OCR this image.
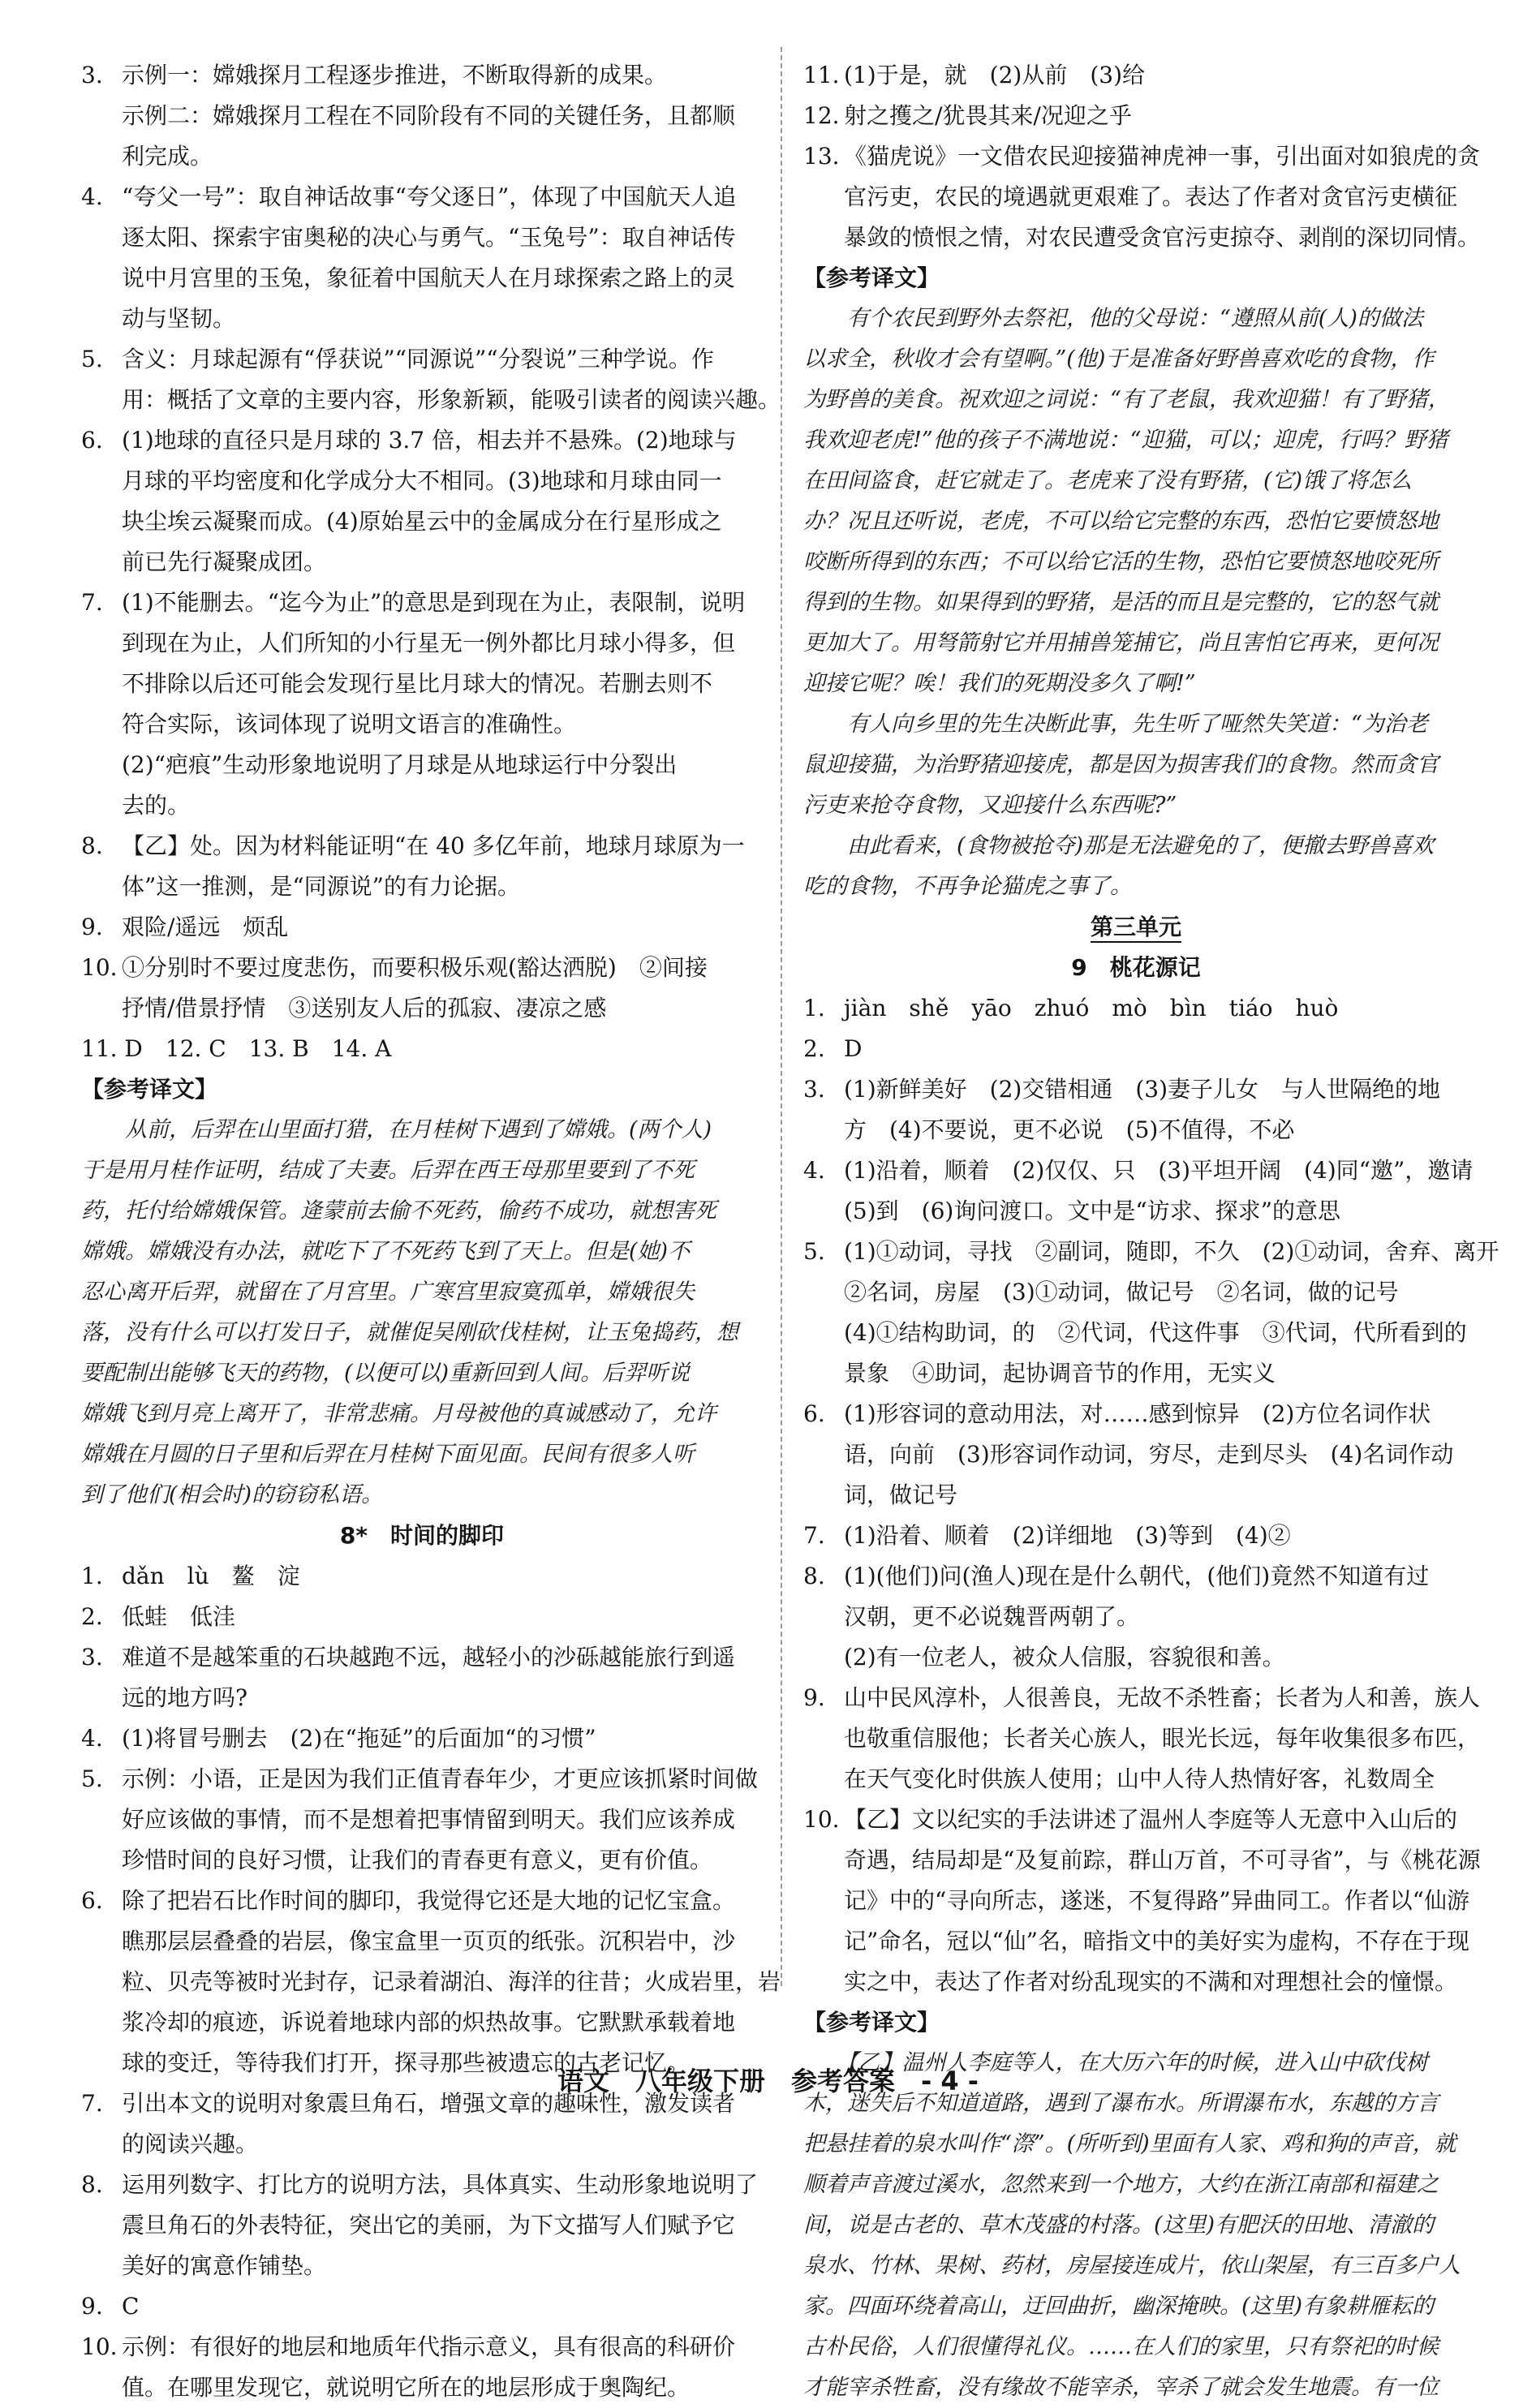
3. 示例一：嫦娥探月工程逐步推进，不断取得新的成果。
示例二：嫦娥探月工程在不同阶段有不同的关键任务，且都顺
利完成。
4. “夸父一号”：取自神话故事“夸父逐日”，体现了中国航天人追
逐太阳、探索宇宙奥秘的决心与勇气。“玉兔号”：取自神话传
说中月宫里的玉兔，象征着中国航天人在月球探索之路上的灵
动与坚韧。
5. 含义：月球起源有“俘获说”“同源说”“分裂说”三种学说。作
用：概括了文章的主要内容，形象新颖，能吸引读者的阅读兴趣。
6. (1)地球的直径只是月球的 3.7 倍，相去并不悬殊。(2)地球与
月球的平均密度和化学成分大不相同。(3)地球和月球由同一
块尘埃云凝聚而成。(4)原始星云中的金属成分在行星形成之
前已先行凝聚成团。
7. (1)不能删去。“迄今为止”的意思是到现在为止，表限制，说明
到现在为止，人们所知的小行星无一例外都比月球小得多，但
不排除以后还可能会发现行星比月球大的情况。若删去则不
符合实际，该词体现了说明文语言的准确性。
(2)“疤痕”生动形象地说明了月球是从地球运行中分裂出
去的。
8. 【乙】处。因为材料能证明“在 40 多亿年前，地球月球原为一
体”这一推测，是“同源说”的有力论据。
9. 艰险/遥远　烦乱
10. ①分别时不要过度悲伤，而要积极乐观(豁达洒脱)　②间接
抒情/借景抒情　③送别友人后的孤寂、凄凉之感
11. D　12. C　13. B　14. A
【参考译文】
　　从前，后羿在山里面打猎，在月桂树下遇到了嫦娥。(两个人)
于是用月桂作证明，结成了夫妻。后羿在西王母那里要到了不死
药，托付给嫦娥保管。逄蒙前去偷不死药，偷药不成功，就想害死
嫦娥。嫦娥没有办法，就吃下了不死药飞到了天上。但是(她)不
忍心离开后羿，就留在了月宫里。广寒宫里寂寞孤单，嫦娥很失
落，没有什么可以打发日子，就催促吴刚砍伐桂树，让玉兔捣药，想
要配制出能够飞天的药物，(以便可以)重新回到人间。后羿听说
嫦娥飞到月亮上离开了，非常悲痛。月母被他的真诚感动了，允许
嫦娥在月圆的日子里和后羿在月桂树下面见面。民间有很多人听
到了他们(相会时)的窃窃私语。
8*　时间的脚印
1. dǎn　lù　鳌　淀
2. 低蛙　低洼
3. 难道不是越笨重的石块越跑不远，越轻小的沙砾越能旅行到遥
远的地方吗?
4. (1)将冒号删去　(2)在“拖延”的后面加“的习惯”
5. 示例：小语，正是因为我们正值青春年少，才更应该抓紧时间做
好应该做的事情，而不是想着把事情留到明天。我们应该养成
珍惜时间的良好习惯，让我们的青春更有意义，更有价值。
6. 除了把岩石比作时间的脚印，我觉得它还是大地的记忆宝盒。
瞧那层层叠叠的岩层，像宝盒里一页页的纸张。沉积岩中，沙
粒、贝壳等被时光封存，记录着湖泊、海洋的往昔；火成岩里，岩
浆冷却的痕迹，诉说着地球内部的炽热故事。它默默承载着地
球的变迁，等待我们打开，探寻那些被遗忘的古老记忆。
7. 引出本文的说明对象震旦角石，增强文章的趣味性，激发读者
的阅读兴趣。
8. 运用列数字、打比方的说明方法，具体真实、生动形象地说明了
震旦角石的外表特征，突出它的美丽，为下文描写人们赋予它
美好的寓意作铺垫。
9. C
10. 示例：有很好的地层和地质年代指示意义，具有很高的科研价
值。在哪里发现它，就说明它所在的地层形成于奥陶纪。
11. (1)于是，就　(2)从前　(3)给
12. 射之擭之/犹畏其来/况迎之乎
13. 《猫虎说》一文借农民迎接猫神虎神一事，引出面对如狼虎的贪
官污吏，农民的境遇就更艰难了。表达了作者对贪官污吏横征
暴敛的愤恨之情，对农民遭受贪官污吏掠夺、剥削的深切同情。
【参考译文】
　　有个农民到野外去祭祀，他的父母说：“遵照从前(人)的做法
以求全，秋收才会有望啊。”(他)于是准备好野兽喜欢吃的食物，作
为野兽的美食。祝欢迎之词说：“有了老鼠，我欢迎猫！有了野猪，
我欢迎老虎!”他的孩子不满地说：“迎猫，可以；迎虎，行吗？野猪
在田间盗食，赶它就走了。老虎来了没有野猪，(它)饿了将怎么
办？况且还听说，老虎，不可以给它完整的东西，恐怕它要愤怒地
咬断所得到的东西；不可以给它活的生物，恐怕它要愤怒地咬死所
得到的生物。如果得到的野猪，是活的而且是完整的，它的怒气就
更加大了。用弩箭射它并用捕兽笼捕它，尚且害怕它再来，更何况
迎接它呢？唉！我们的死期没多久了啊!”
　　有人向乡里的先生决断此事，先生听了哑然失笑道：“为治老
鼠迎接猫，为治野猪迎接虎，都是因为损害我们的食物。然而贪官
污吏来抢夺食物，又迎接什么东西呢?”
　　由此看来，(食物被抢夺)那是无法避免的了，便撤去野兽喜欢
吃的食物，不再争论猫虎之事了。
第三单元
9　桃花源记
1. jiàn　shě　yāo　zhuó　mò　bìn　tiáo　huò
2. D
3. (1)新鲜美好　(2)交错相通　(3)妻子儿女　与人世隔绝的地
方　(4)不要说，更不必说　(5)不值得，不必
4. (1)沿着，顺着　(2)仅仅、只　(3)平坦开阔　(4)同“邀”，邀请
(5)到　(6)询问渡口。文中是“访求、探求”的意思
5. (1)①动词，寻找　②副词，随即，不久　(2)①动词，舍弃、离开
②名词，房屋　(3)①动词，做记号　②名词，做的记号
(4)①结构助词，的　②代词，代这件事　③代词，代所看到的
景象　④助词，起协调音节的作用，无实义
6. (1)形容词的意动用法，对……感到惊异　(2)方位名词作状
语，向前　(3)形容词作动词，穷尽，走到尽头　(4)名词作动
词，做记号
7. (1)沿着、顺着　(2)详细地　(3)等到　(4)②
8. (1)(他们)问(渔人)现在是什么朝代，(他们)竟然不知道有过
汉朝，更不必说魏晋两朝了。
(2)有一位老人，被众人信服，容貌很和善。
9. 山中民风淳朴，人很善良，无故不杀牲畜；长者为人和善，族人
也敬重信服他；长者关心族人，眼光长远，每年收集很多布匹，
在天气变化时供族人使用；山中人待人热情好客，礼数周全
10. 【乙】文以纪实的手法讲述了温州人李庭等人无意中入山后的
奇遇，结局却是“及复前踪，群山万首，不可寻省”，与《桃花源
记》中的“寻向所志，遂迷，不复得路”异曲同工。作者以“仙游
记”命名，冠以“仙”名，暗指文中的美好实为虚构，不存在于现
实之中，表达了作者对纷乱现实的不满和对理想社会的憧憬。
【参考译文】
　　【乙】温州人李庭等人，在大历六年的时候，进入山中砍伐树
木，迷失后不知道道路，遇到了瀑布水。所谓瀑布水，东越的方言
把悬挂着的泉水叫作“漈”。(所听到)里面有人家、鸡和狗的声音，就
顺着声音渡过溪水，忽然来到一个地方，大约在浙江南部和福建之
间，说是古老的、草木茂盛的村落。(这里)有肥沃的田地、清澈的
泉水、竹林、果树、药材，房屋接连成片，依山架屋，有三百多户人
家。四面环绕着高山，迂回曲折，幽深掩映。(这里)有象耕雁耘的
古朴民俗，人们很懂得礼仪。……在人们的家里，只有祭祀的时候
才能宰杀牲畜，没有缘故不能宰杀，宰杀了就会发生地震。有一位
语文　八年级下册　参考答案　- 4 -
